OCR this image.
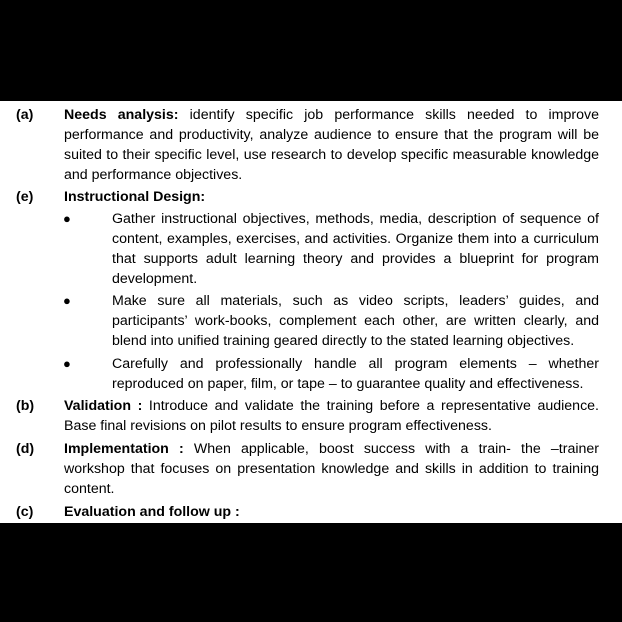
(a) Needs analysis: identify specific job performance skills needed to improve performance and productivity, analyze audience to ensure that the program will be suited to their specific level, use research to develop specific measurable knowledge and performance objectives.
(e) Instructional Design:
●	Gather instructional objectives, methods, media, description of sequence of content, examples, exercises, and activities. Organize them into a curriculum that supports adult learning theory and provides a blueprint for program development.
●	Make sure all materials, such as video scripts, leaders’ guides, and participants’ work-books, complement each other, are written clearly, and blend into unified training geared directly to the stated learning objectives.
●	Carefully and professionally handle all program elements – whether reproduced on paper, film, or tape – to guarantee quality and effectiveness.
(b) Validation : Introduce and validate the training before a representative audience. Base final revisions on pilot results to ensure program effectiveness.
(d) Implementation : When applicable, boost success with a train- the –trainer workshop that focuses on presentation knowledge and skills in addition to training content.
(c) Evaluation and follow up :
